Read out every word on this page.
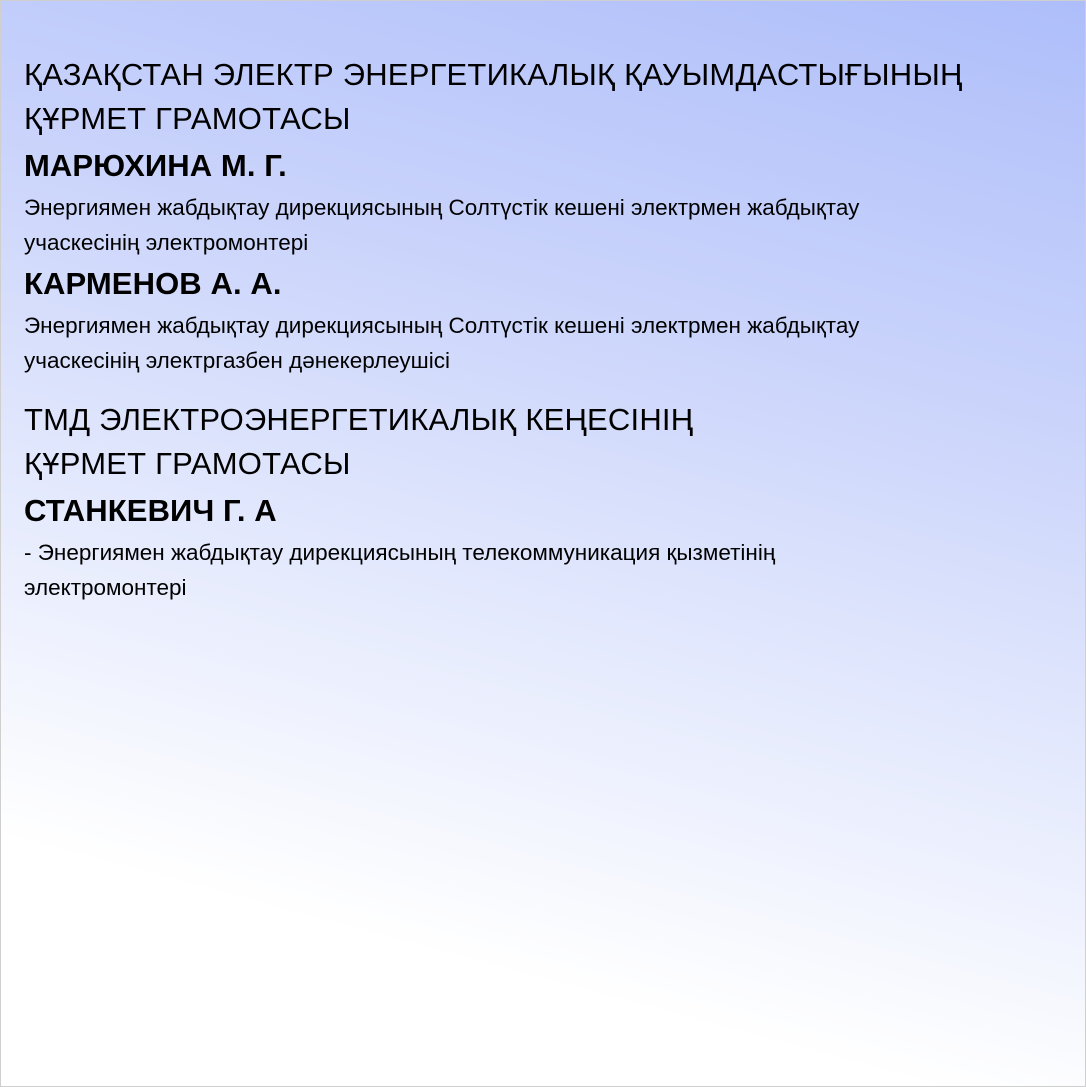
ҚАЗАҚСТАН ЭЛЕКТР ЭНЕРГЕТИКАЛЫҚ ҚАУЫМДАСТЫҒЫНЫҢ
ҚҰРМЕТ ГРАМОТАСЫ

МАРЮХИНА М. Г.

Энергиямен жабдықтау дирекциясының Солтүстік кешені электрмен жабдықтау
учаскесінің электромонтері

КАРМЕНОВ А. А.

Энергиямен жабдықтау дирекциясының Солтүстік кешені электрмен жабдықтау
учаскесінің электргазбен дәнекерлеушісі

ТМД ЭЛЕКТРОЭНЕРГЕТИКАЛЫҚ КЕҢЕСІНІҢ
ҚҰРМЕТ ГРАМОТАСЫ

СТАНКЕВИЧ Г. А

- Энергиямен жабдықтау дирекциясының телекоммуникация қызметінің
электромонтері
